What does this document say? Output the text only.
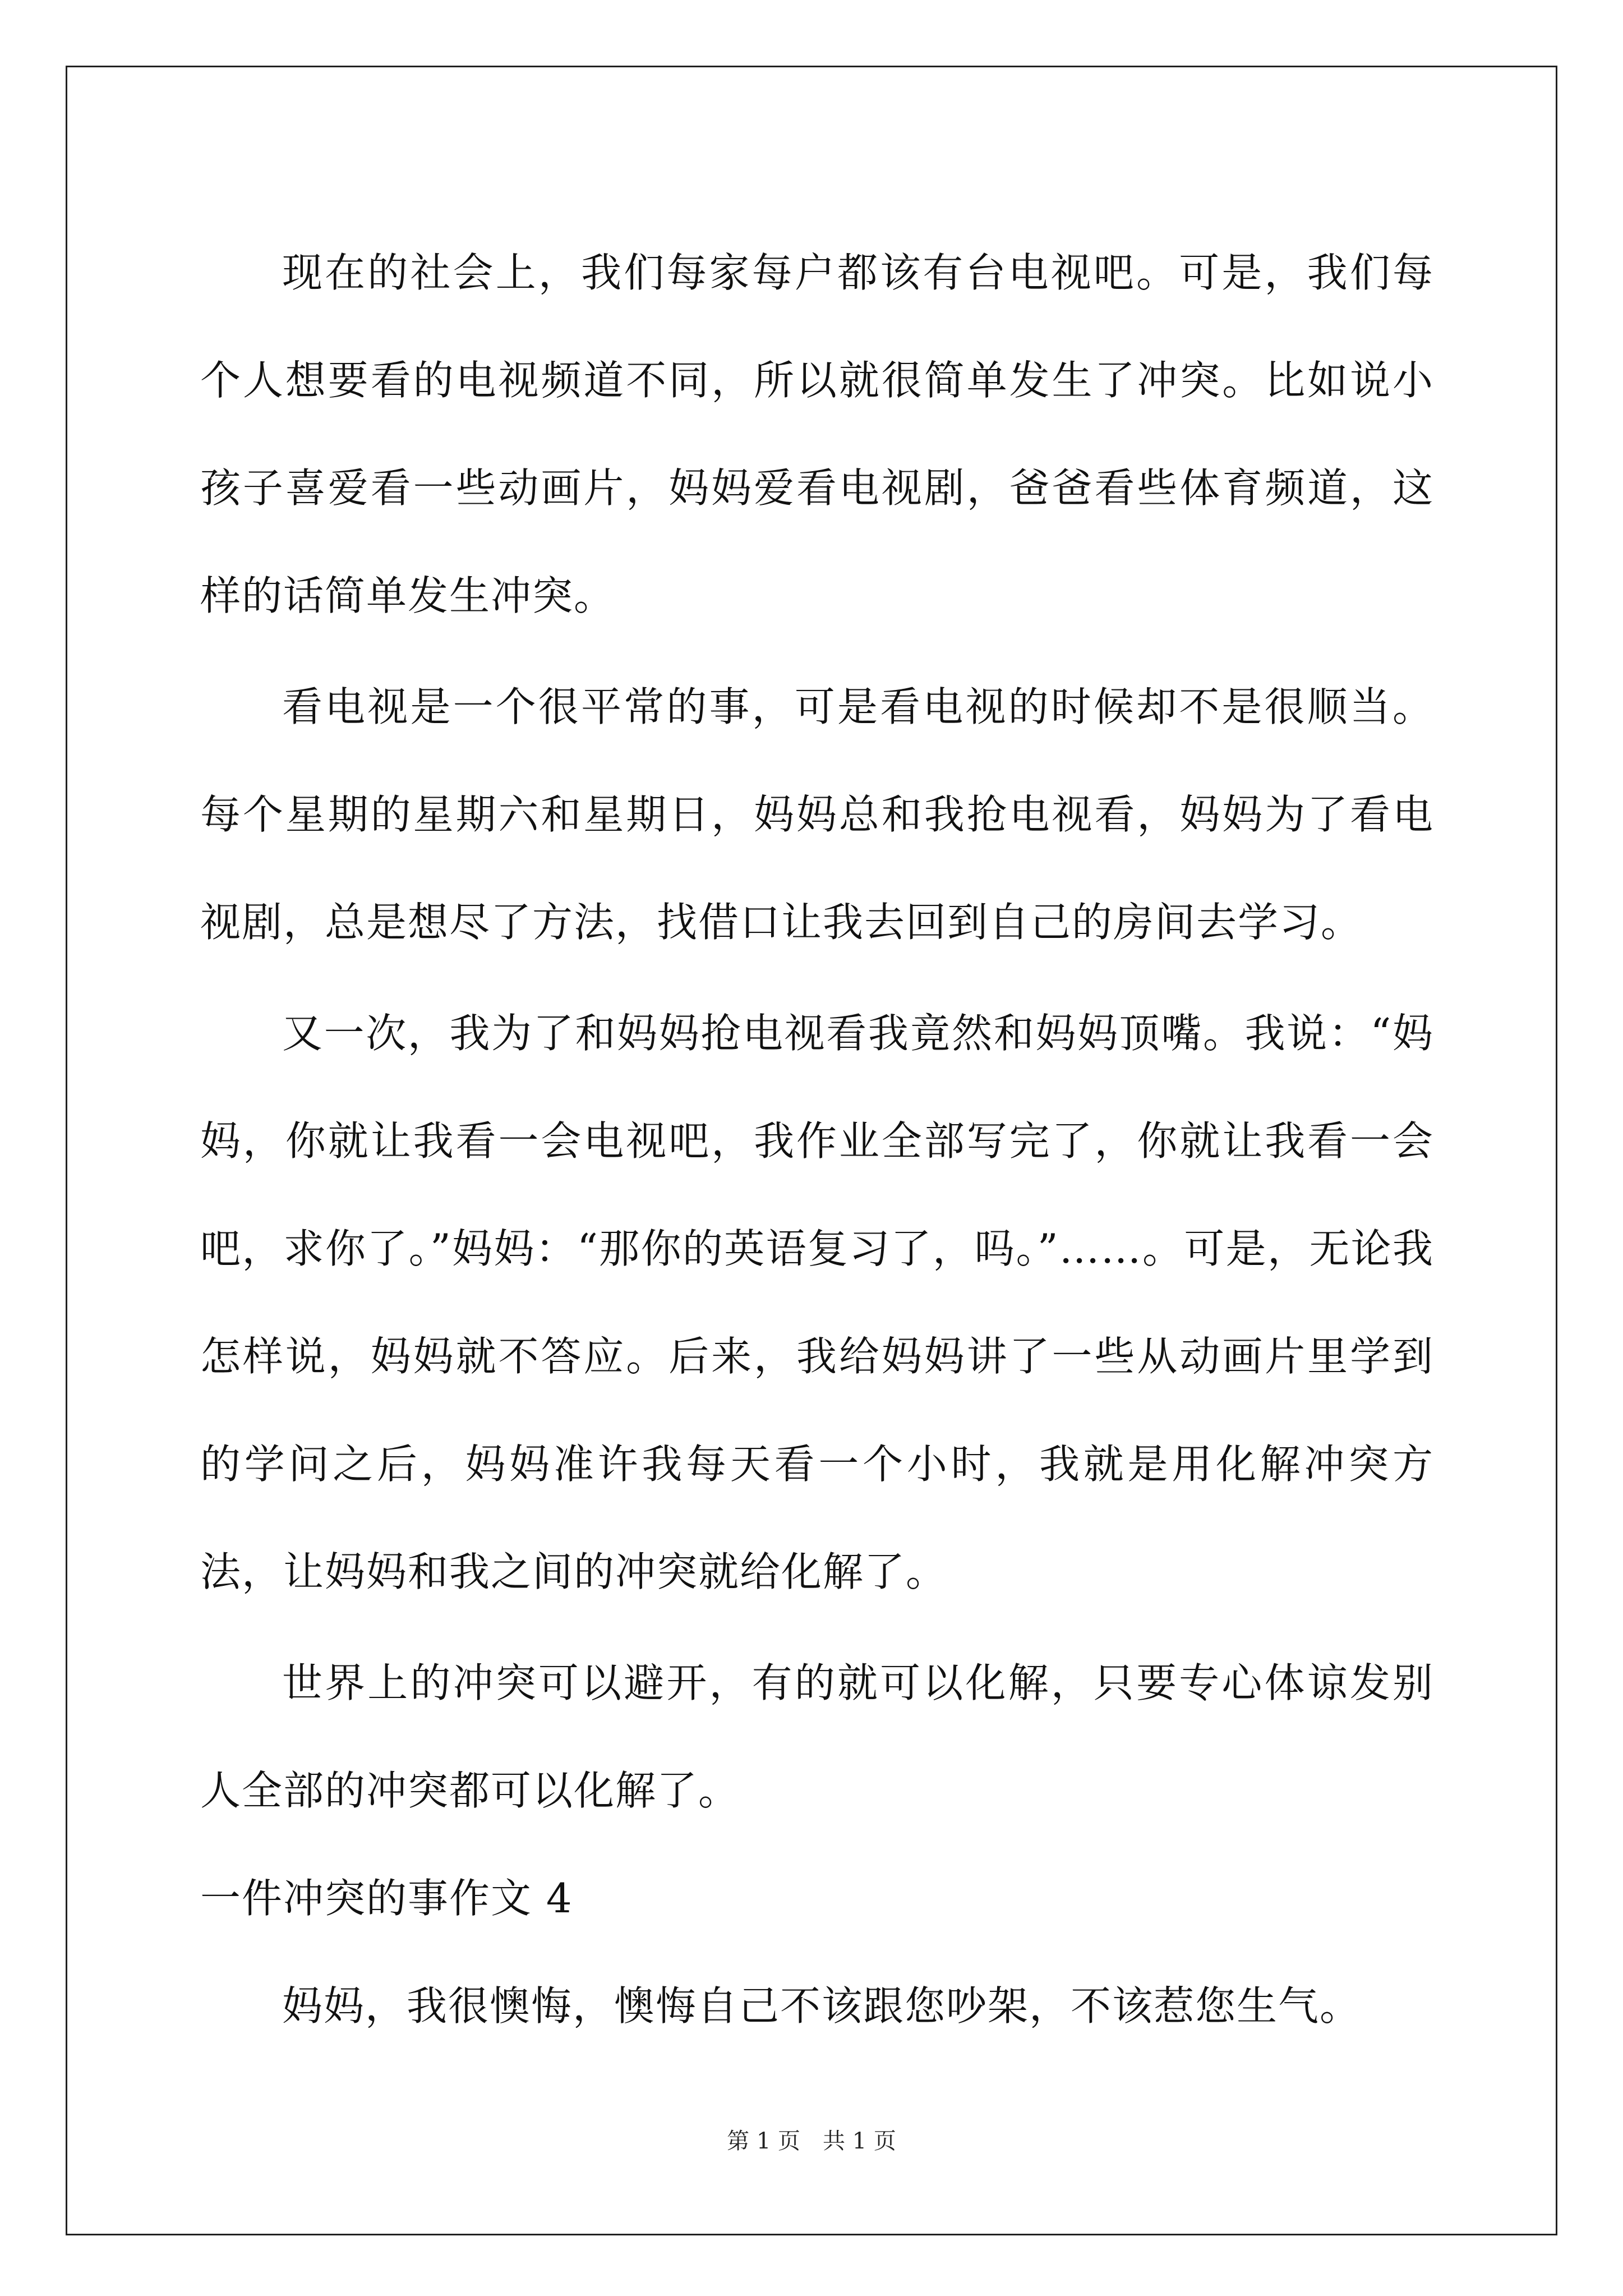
现在的社会上，我们每家每户都该有台电视吧。可是，我们每个人想要看的电视频道不同，所以就很简单发生了冲突。比如说小孩子喜爱看一些动画片，妈妈爱看电视剧，爸爸看些体育频道，这样的话简单发生冲突。

看电视是一个很平常的事，可是看电视的时候却不是很顺当。每个星期的星期六和星期日，妈妈总和我抢电视看，妈妈为了看电视剧，总是想尽了方法，找借口让我去回到自己的房间去学习。

又一次，我为了和妈妈抢电视看我竟然和妈妈顶嘴。我说：“妈妈，你就让我看一会电视吧，我作业全部写完了，你就让我看一会吧，求你了。”妈妈：“那你的英语复习了，吗。”……。可是，无论我怎样说，妈妈就不答应。后来，我给妈妈讲了一些从动画片里学到的学问之后，妈妈准许我每天看一个小时，我就是用化解冲突方法，让妈妈和我之间的冲突就给化解了。

世界上的冲突可以避开，有的就可以化解，只要专心体谅发别人全部的冲突都可以化解了。

一件冲突的事作文 4

妈妈，我很懊悔，懊悔自己不该跟您吵架，不该惹您生气。

第 1 页　共 1 页
